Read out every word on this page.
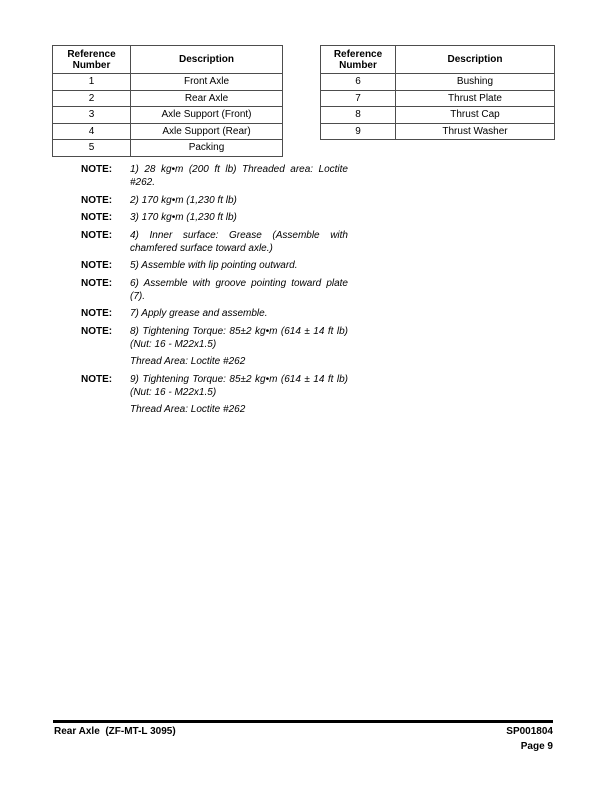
Reference Number	Description
1	Front Axle
2	Rear Axle
3	Axle Support (Front)
4	Axle Support (Rear)
5	Packing
Reference Number	Description
6	Bushing
7	Thrust Plate
8	Thrust Cap
9	Thrust Washer
NOTE:	1) 28 kg•m (200 ft lb) Threaded area: Loctite #262.

NOTE:	2) 170 kg•m (1,230 ft lb)

NOTE:	3) 170 kg•m (1,230 ft lb)

NOTE:	4) Inner surface: Grease (Assemble with chamfered surface toward axle.)

NOTE:	5) Assemble with lip pointing outward.

NOTE:	6) Assemble with groove pointing toward plate (7).

NOTE:	7) Apply grease and assemble.

NOTE:	8) Tightening Torque: 85±2 kg•m (614 ± 14 ft lb) (Nut: 16 - M22x1.5)

Thread Area: Loctite #262

NOTE:	9) Tightening Torque: 85±2 kg•m (614 ± 14 ft lb) (Nut: 16 - M22x1.5)

Thread Area: Loctite #262

Rear Axle  (ZF-MT-L 3095)	SP001804
Page 9
